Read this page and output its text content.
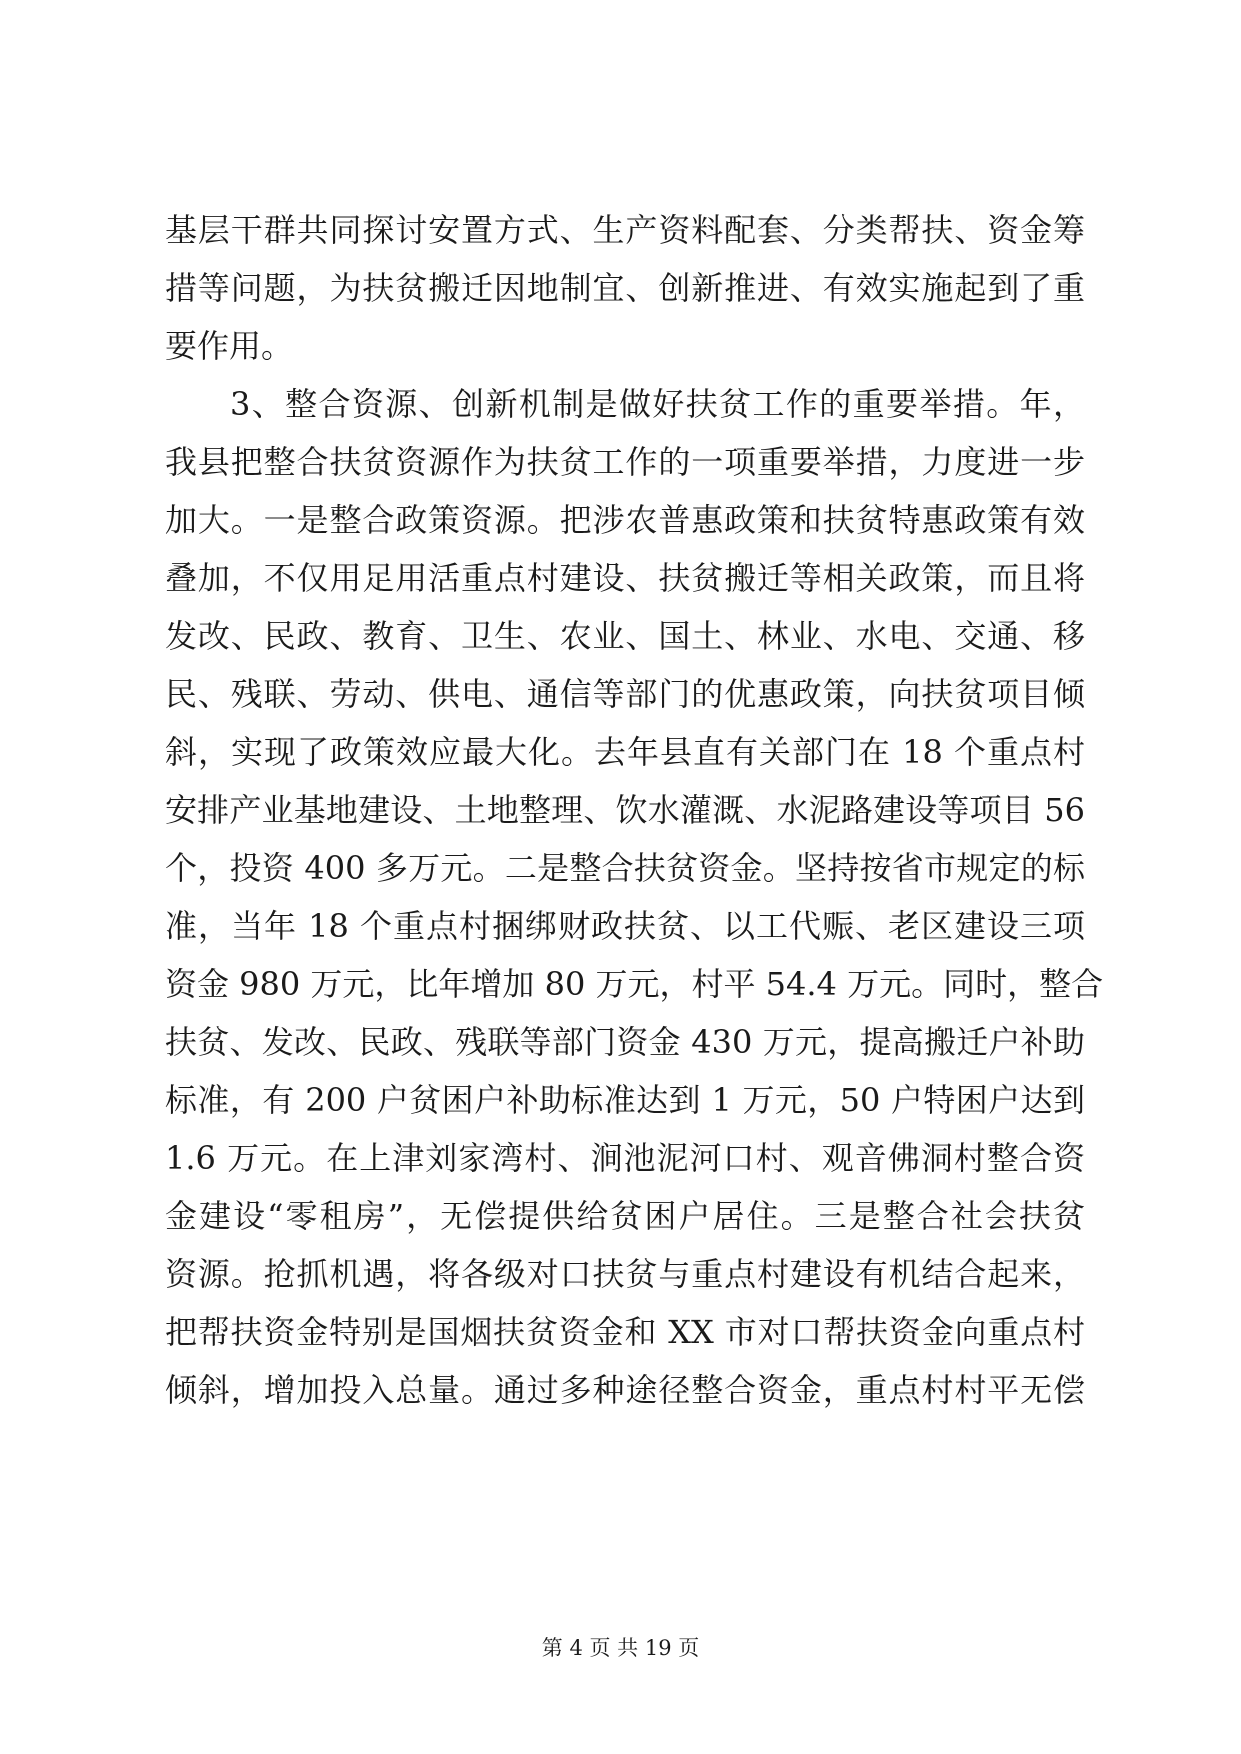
基层干群共同探讨安置方式、生产资料配套、分类帮扶、资金筹
措等问题，为扶贫搬迁因地制宜、创新推进、有效实施起到了重
要作用。
3、整合资源、创新机制是做好扶贫工作的重要举措。年，
我县把整合扶贫资源作为扶贫工作的一项重要举措，力度进一步
加大。一是整合政策资源。把涉农普惠政策和扶贫特惠政策有效
叠加，不仅用足用活重点村建设、扶贫搬迁等相关政策，而且将
发改、民政、教育、卫生、农业、国土、林业、水电、交通、移
民、残联、劳动、供电、通信等部门的优惠政策，向扶贫项目倾
斜，实现了政策效应最大化。去年县直有关部门在 18 个重点村
安排产业基地建设、土地整理、饮水灌溉、水泥路建设等项目 56
个，投资 400 多万元。二是整合扶贫资金。坚持按省市规定的标
准，当年 18 个重点村捆绑财政扶贫、以工代赈、老区建设三项
资金 980 万元，比年增加 80 万元，村平 54.4 万元。同时，整合
扶贫、发改、民政、残联等部门资金 430 万元，提高搬迁户补助
标准，有 200 户贫困户补助标准达到 1 万元，50 户特困户达到
1.6 万元。在上津刘家湾村、涧池泥河口村、观音佛洞村整合资
金建设“零租房”，无偿提供给贫困户居住。三是整合社会扶贫
资源。抢抓机遇，将各级对口扶贫与重点村建设有机结合起来，
把帮扶资金特别是国烟扶贫资金和 XX 市对口帮扶资金向重点村
倾斜，增加投入总量。通过多种途径整合资金，重点村村平无偿
第 4 页 共 19 页
